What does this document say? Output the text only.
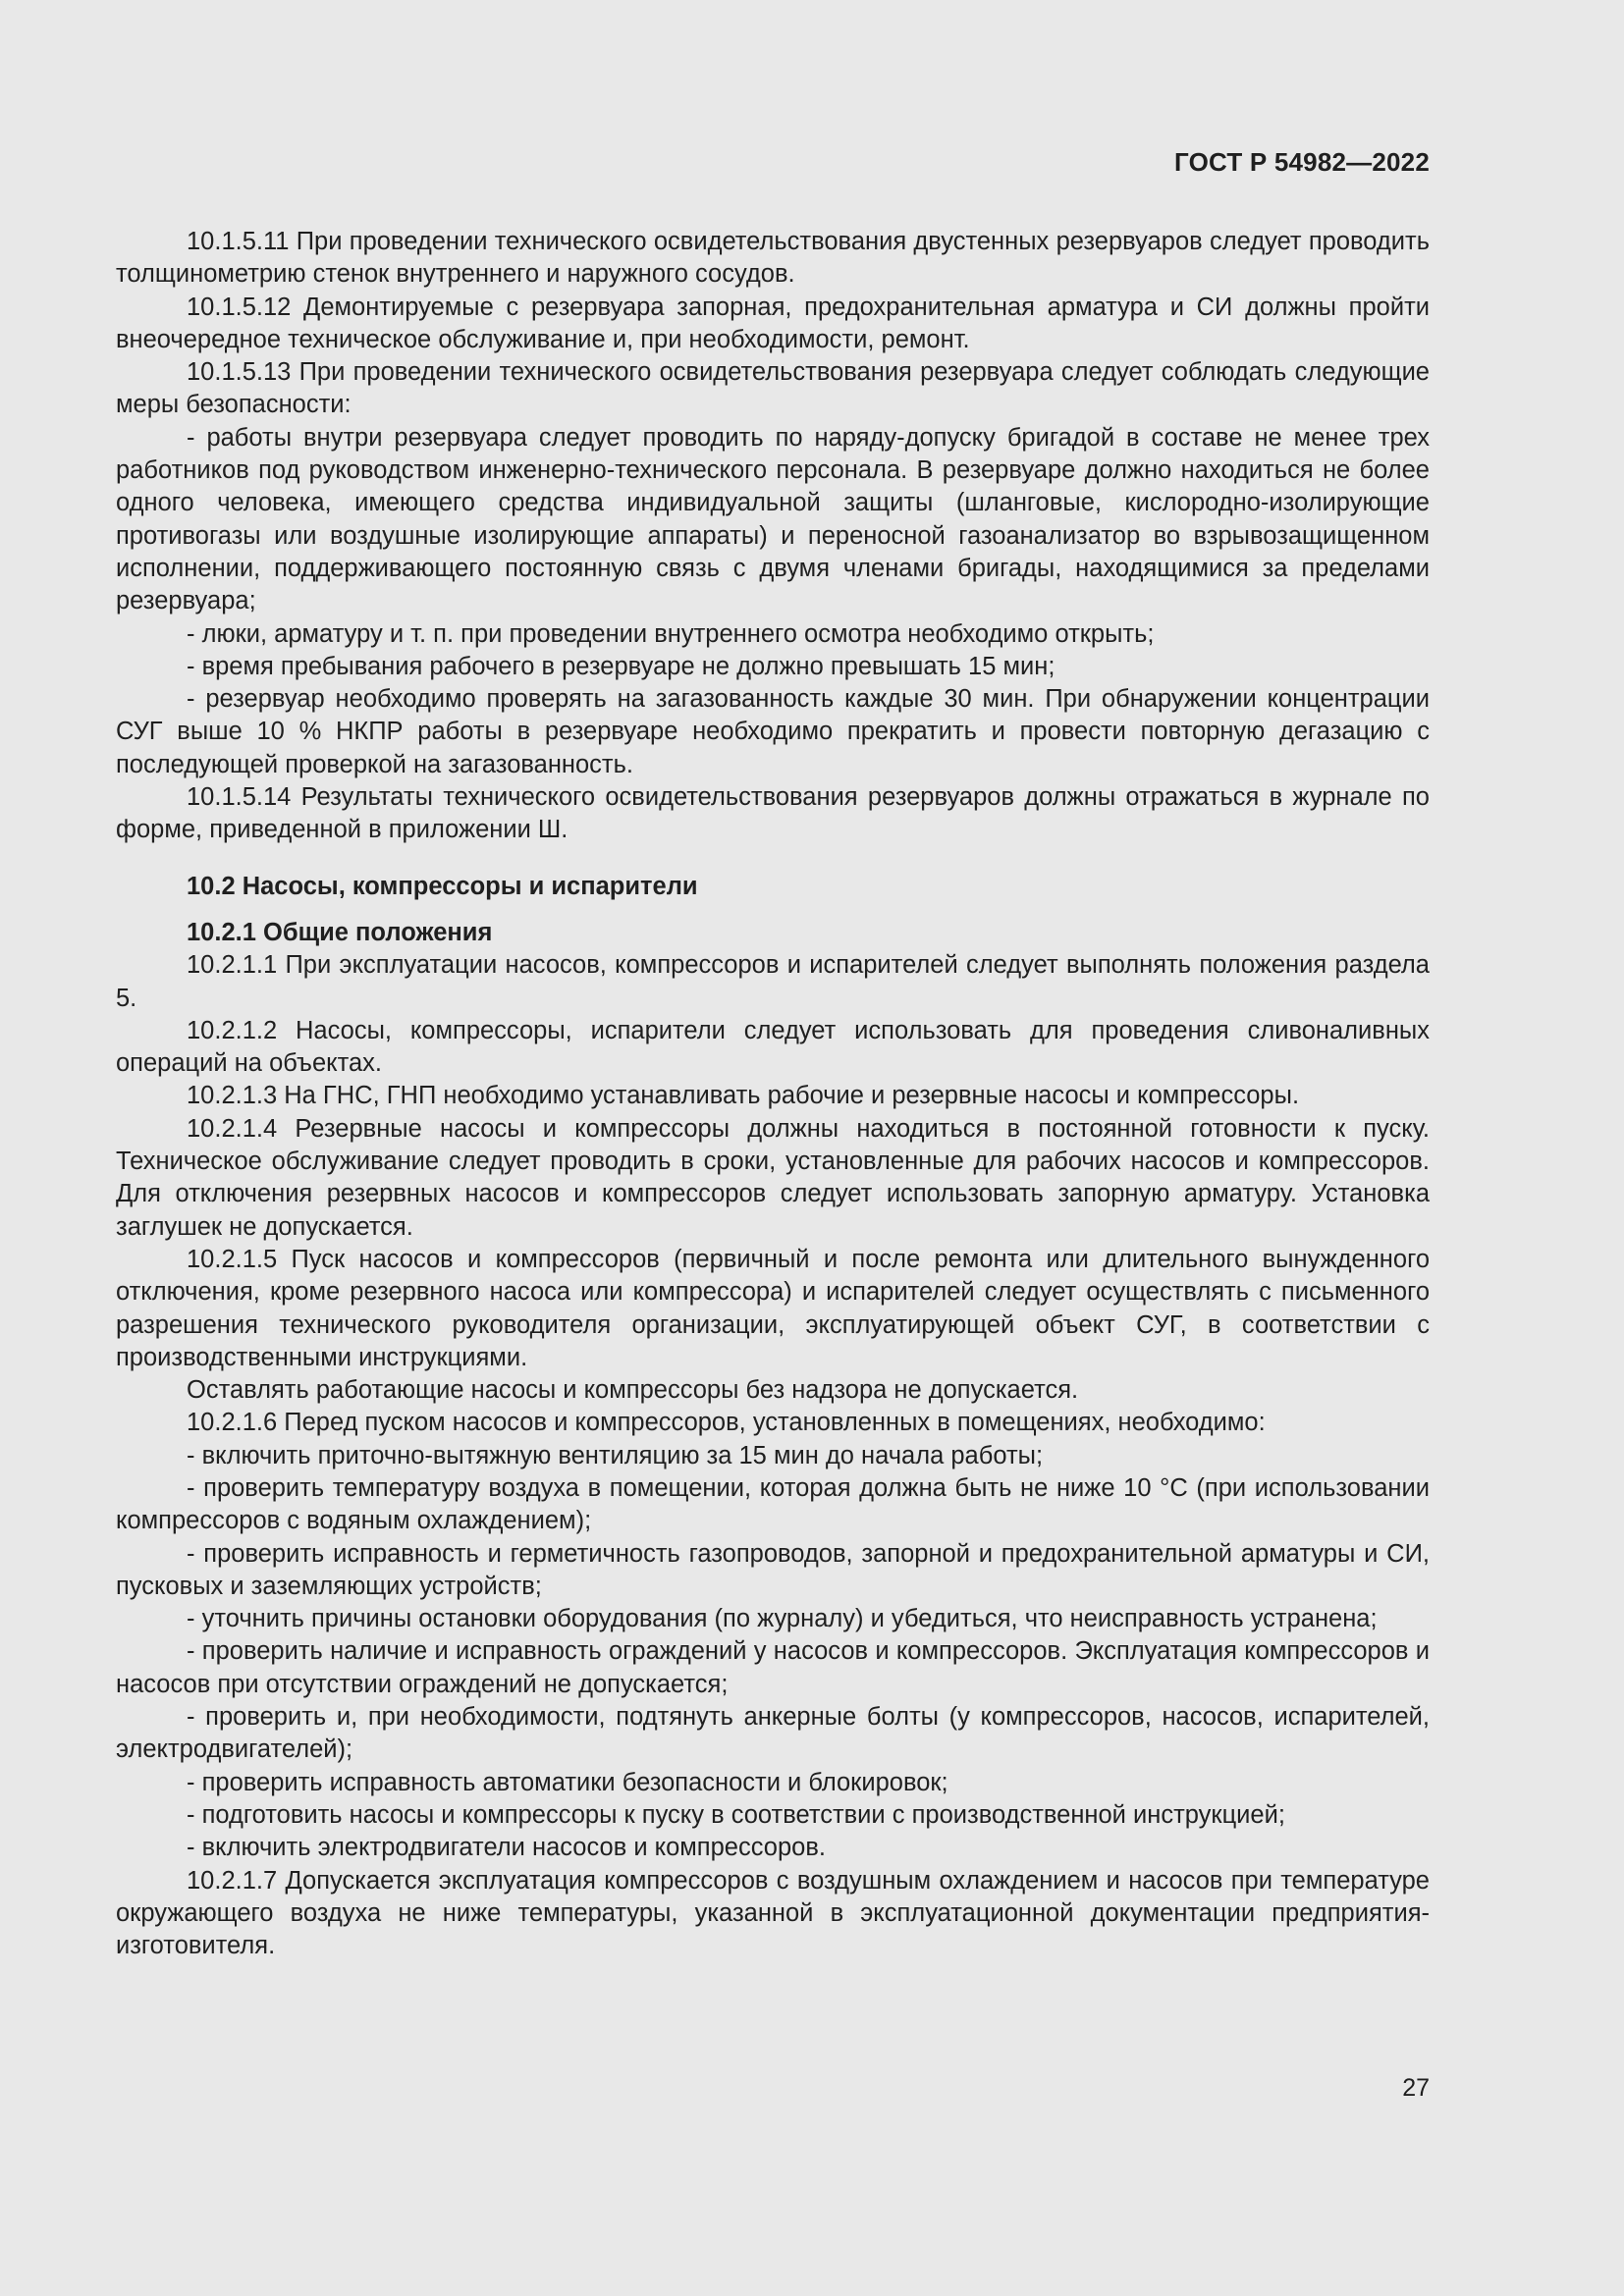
ГОСТ Р 54982—2022

10.1.5.11 При проведении технического освидетельствования двустенных резервуаров следует проводить толщинометрию стенок внутреннего и наружного сосудов.

10.1.5.12 Демонтируемые с резервуара запорная, предохранительная арматура и СИ должны пройти внеочередное техническое обслуживание и, при необходимости, ремонт.

10.1.5.13 При проведении технического освидетельствования резервуара следует соблюдать следующие меры безопасности:

- работы внутри резервуара следует проводить по наряду-допуску бригадой в составе не менее трех работников под руководством инженерно-технического персонала. В резервуаре должно находиться не более одного человека, имеющего средства индивидуальной защиты (шланговые, кислородно-изолирующие противогазы или воздушные изолирующие аппараты) и переносной газоанализатор во взрывозащищенном исполнении, поддерживающего постоянную связь с двумя членами бригады, находящимися за пределами резервуара;

- люки, арматуру и т. п. при проведении внутреннего осмотра необходимо открыть;

- время пребывания рабочего в резервуаре не должно превышать 15 мин;

- резервуар необходимо проверять на загазованность каждые 30 мин. При обнаружении концентрации СУГ выше 10 % НКПР работы в резервуаре необходимо прекратить и провести повторную дегазацию с последующей проверкой на загазованность.

10.1.5.14 Результаты технического освидетельствования резервуаров должны отражаться в журнале по форме, приведенной в приложении Ш.

10.2 Насосы, компрессоры и испарители

10.2.1 Общие положения

10.2.1.1 При эксплуатации насосов, компрессоров и испарителей следует выполнять положения раздела 5.

10.2.1.2 Насосы, компрессоры, испарители следует использовать для проведения сливоналивных операций на объектах.

10.2.1.3 На ГНС, ГНП необходимо устанавливать рабочие и резервные насосы и компрессоры.

10.2.1.4 Резервные насосы и компрессоры должны находиться в постоянной готовности к пуску. Техническое обслуживание следует проводить в сроки, установленные для рабочих насосов и компрессоров. Для отключения резервных насосов и компрессоров следует использовать запорную арматуру. Установка заглушек не допускается.

10.2.1.5 Пуск насосов и компрессоров (первичный и после ремонта или длительного вынужденного отключения, кроме резервного насоса или компрессора) и испарителей следует осуществлять с письменного разрешения технического руководителя организации, эксплуатирующей объект СУГ, в соответствии с производственными инструкциями.

Оставлять работающие насосы и компрессоры без надзора не допускается.

10.2.1.6 Перед пуском насосов и компрессоров, установленных в помещениях, необходимо:

- включить приточно-вытяжную вентиляцию за 15 мин до начала работы;

- проверить температуру воздуха в помещении, которая должна быть не ниже 10 °С (при использовании компрессоров с водяным охлаждением);

- проверить исправность и герметичность газопроводов, запорной и предохранительной арматуры и СИ, пусковых и заземляющих устройств;

- уточнить причины остановки оборудования (по журналу) и убедиться, что неисправность устранена;

- проверить наличие и исправность ограждений у насосов и компрессоров. Эксплуатация компрессоров и насосов при отсутствии ограждений не допускается;

- проверить и, при необходимости, подтянуть анкерные болты (у компрессоров, насосов, испарителей, электродвигателей);

- проверить исправность автоматики безопасности и блокировок;

- подготовить насосы и компрессоры к пуску в соответствии с производственной инструкцией;

- включить электродвигатели насосов и компрессоров.

10.2.1.7 Допускается эксплуатация компрессоров с воздушным охлаждением и насосов при температуре окружающего воздуха не ниже температуры, указанной в эксплуатационной документации предприятия-изготовителя.

27
